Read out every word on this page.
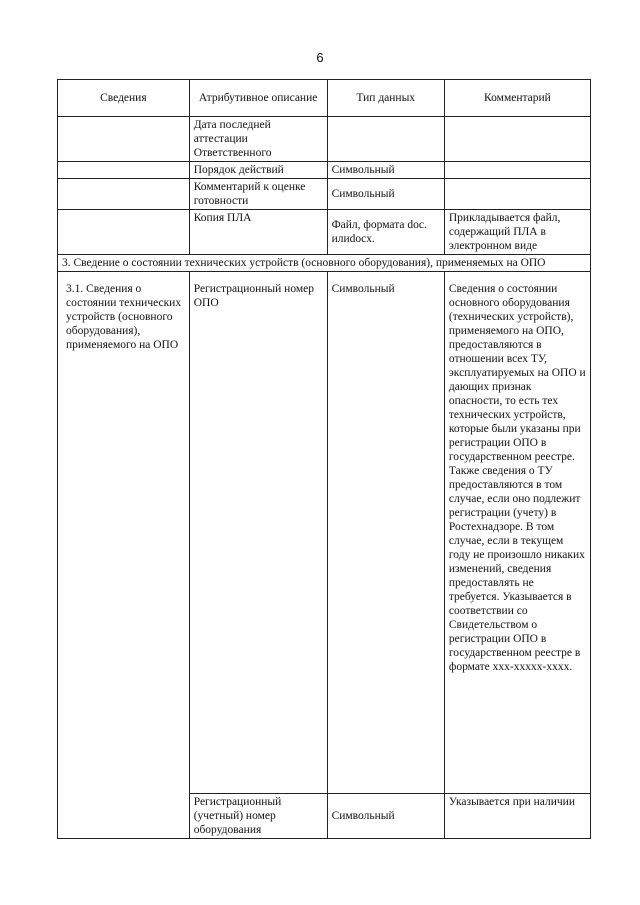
6
Сведения	Атрибутивное описание	Тип данных	Комментарий
	Дата последней аттестации Ответственного		
	Порядок действий	Символьный	
	Комментарий к оценке готовности	Символьный	
	Копия ПЛА	Файл, формата doc. илиdocx.	Прикладывается файл, содержащий ПЛА в электронном виде
3. Сведение о состоянии технических устройств (основного оборудования), применяемых на ОПО			
3.1. Сведения о состоянии технических устройств (основного оборудования), применяемого на ОПО	Регистрационный номер ОПО	Символьный	Сведения о состоянии основного оборудования (технических устройств), применяемого на ОПО, предоставляются в отношении всех ТУ, эксплуатируемых на ОПО и дающих признак опасности, то есть тех технических устройств, которые были указаны при регистрации ОПО в государственном реестре. Также сведения о ТУ предоставляются в том случае, если оно подлежит регистрации (учету) в Ростехнадзоре. В том случае, если в текущем году не произошло никаких изменений, сведения предоставлять не требуется. Указывается в соответствии со Свидетельством о регистрации ОПО в государственном реестре в формате ххх-ххххх-хххх.
	Регистрационный (учетный) номер оборудования	Символьный	Указывается при наличии
